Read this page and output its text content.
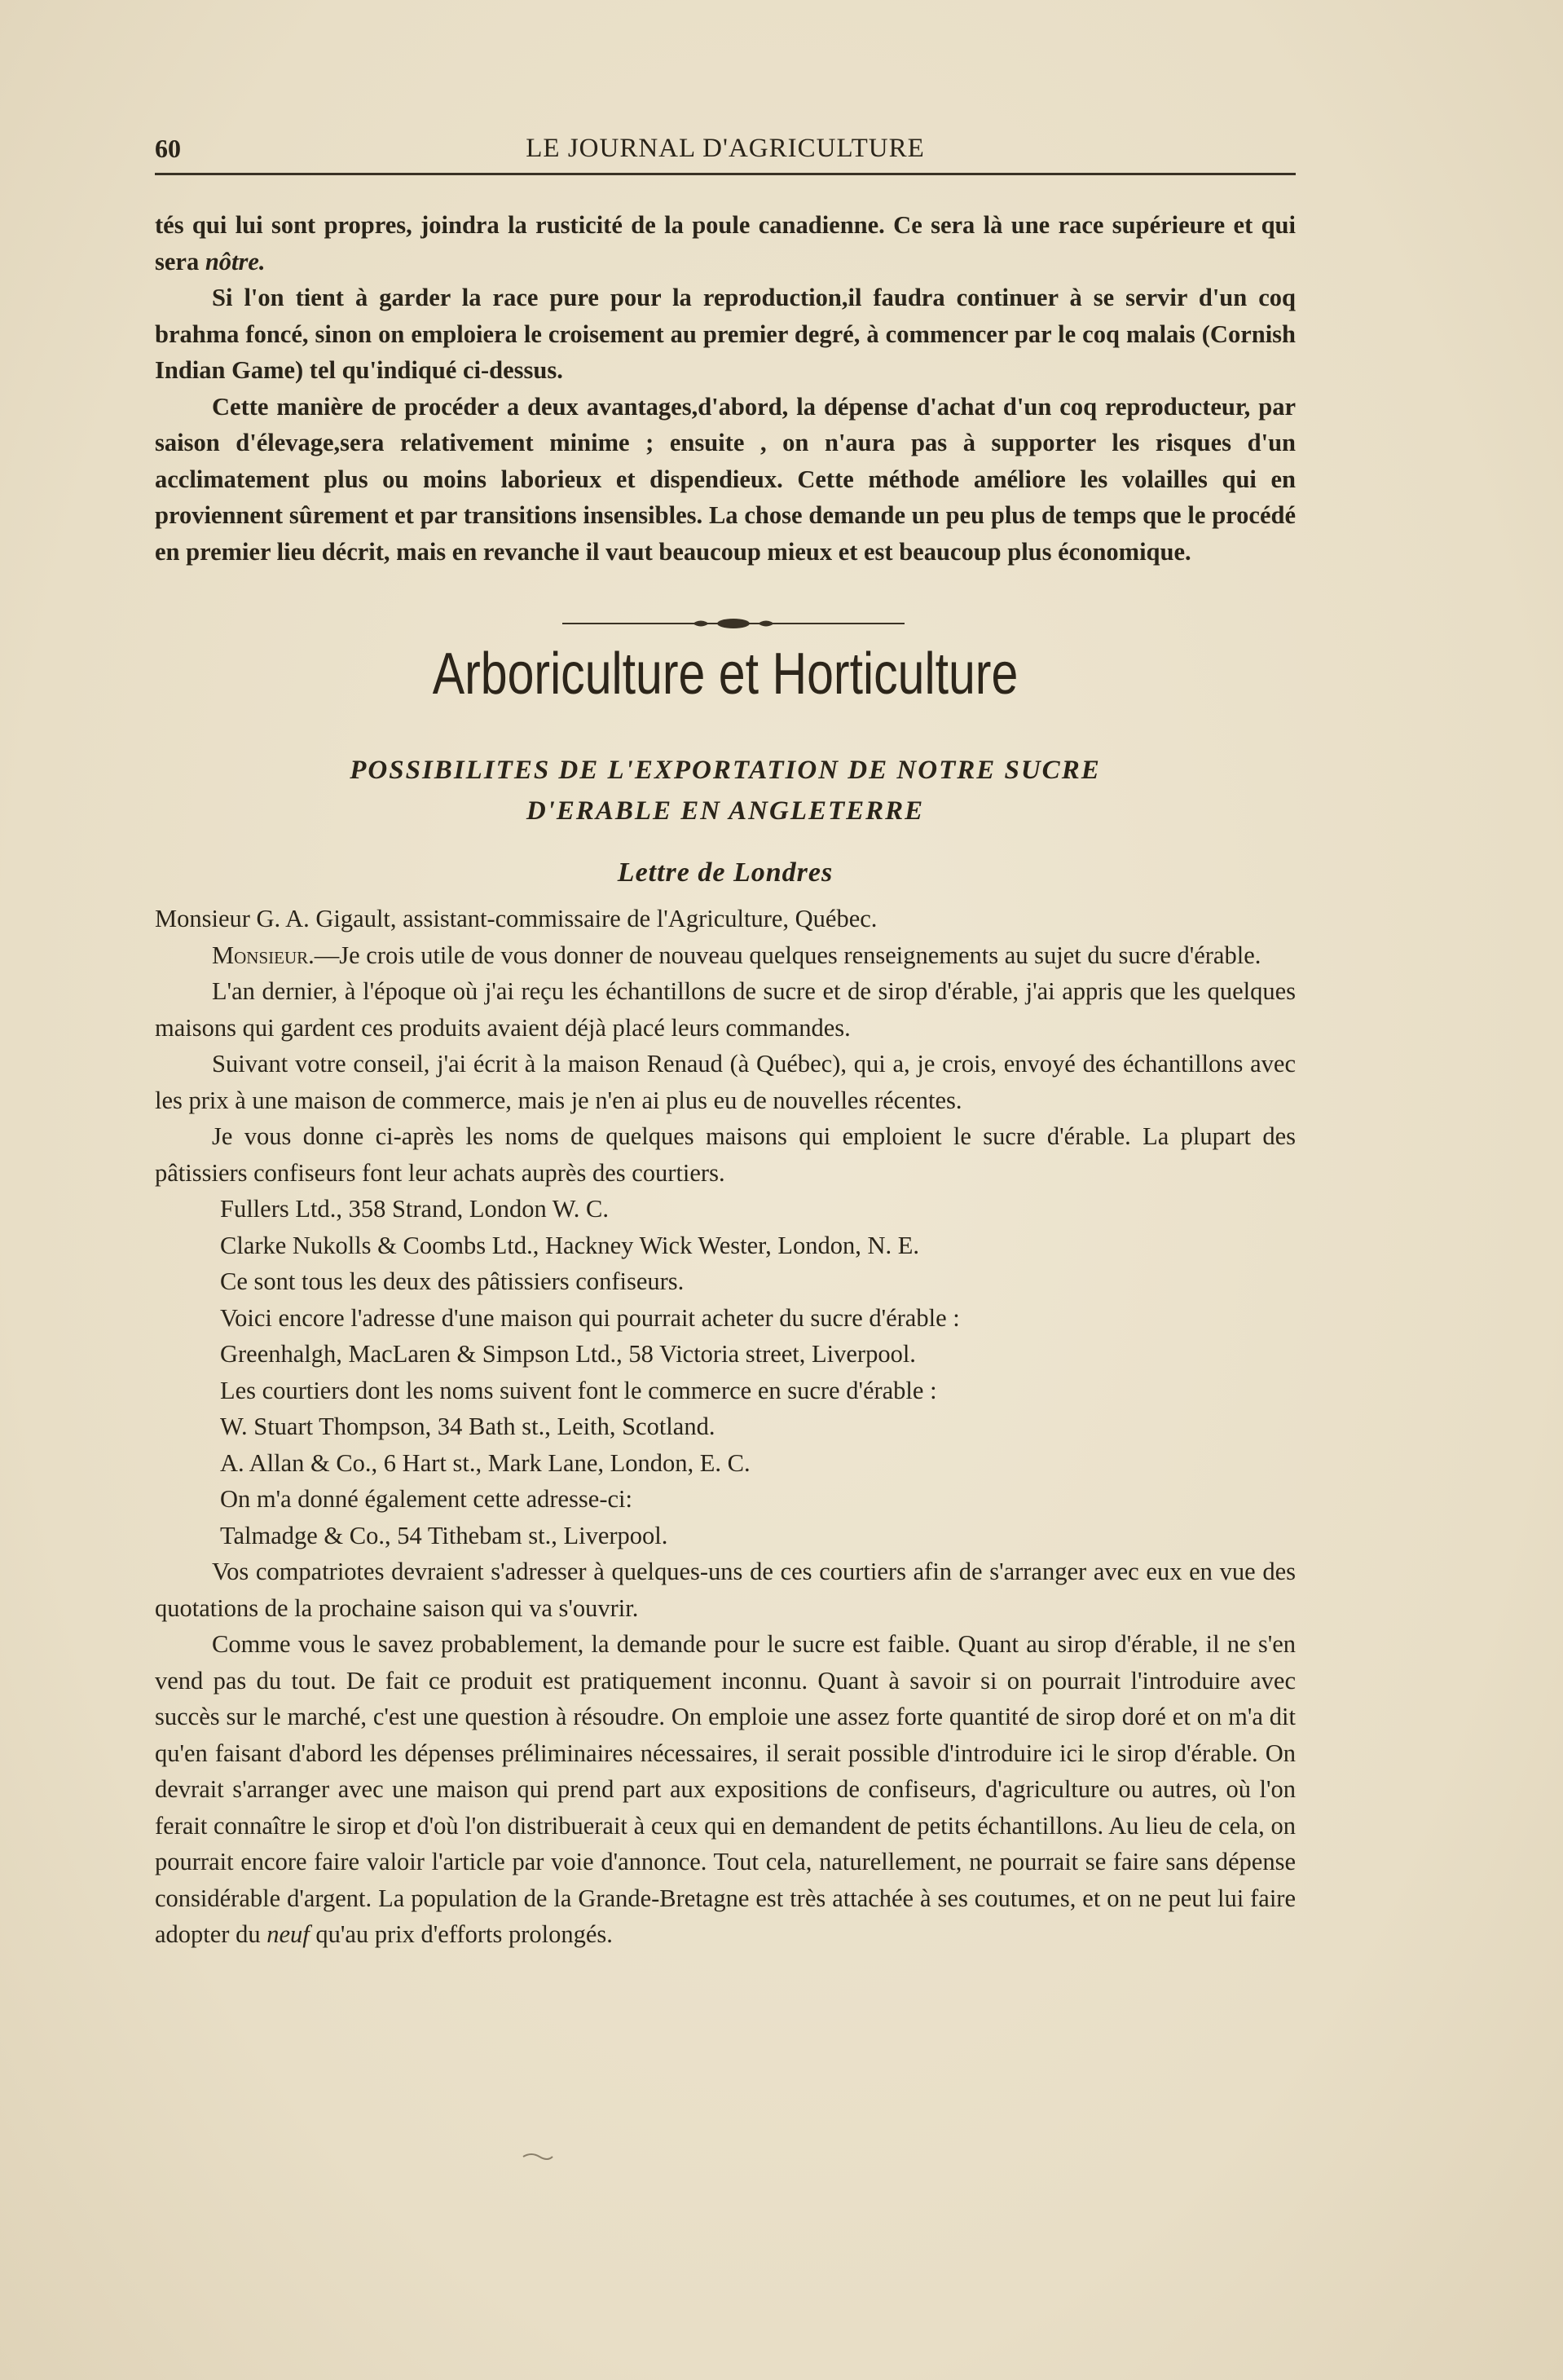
60	LE JOURNAL D'AGRICULTURE

tés qui lui sont propres, joindra la rusticité de la poule canadienne. Ce sera là une race supérieure et qui sera nôtre.

Si l'on tient à garder la race pure pour la reproduction,il faudra continuer à se servir d'un coq brahma foncé, sinon on emploiera le croisement au premier degré, à commencer par le coq malais (Cornish Indian Game) tel qu'indiqué ci-dessus.

Cette manière de procéder a deux avantages,d'abord, la dépense d'achat d'un coq reproducteur, par saison d'élevage,sera relativement minime ; ensuite , on n'aura pas à supporter les risques d'un acclimatement plus ou moins laborieux et dispendieux. Cette méthode améliore les volailles qui en proviennent sûrement et par transitions insensibles. La chose demande un peu plus de temps que le procédé en premier lieu décrit, mais en revanche il vaut beaucoup mieux et est beaucoup plus économique.

Arboriculture et Horticulture
POSSIBILITES DE L'EXPORTATION DE NOTRE SUCRE
D'ERABLE EN ANGLETERRE
Lettre de Londres

Monsieur G. A. Gigault, assistant-commissaire de l'Agriculture, Québec.

Monsieur.—Je crois utile de vous donner de nouveau quelques renseignements au sujet du sucre d'érable.

L'an dernier, à l'époque où j'ai reçu les échantillons de sucre et de sirop d'érable, j'ai appris que les quelques maisons qui gardent ces produits avaient déjà placé leurs commandes.

Suivant votre conseil, j'ai écrit à la maison Renaud (à Québec), qui a, je crois, envoyé des échantillons avec les prix à une maison de commerce, mais je n'en ai plus eu de nouvelles récentes.

Je vous donne ci-après les noms de quelques maisons qui emploient le sucre d'érable. La plupart des pâtissiers confiseurs font leur achats auprès des courtiers.

Fullers Ltd., 358 Strand, London W. C.

Clarke Nukolls & Coombs Ltd., Hackney Wick Wester, London, N. E.

Ce sont tous les deux des pâtissiers confiseurs.

Voici encore l'adresse d'une maison qui pourrait acheter du sucre d'érable :

Greenhalgh, MacLaren & Simpson Ltd., 58 Victoria street, Liverpool.

Les courtiers dont les noms suivent font le commerce en sucre d'érable :

W. Stuart Thompson, 34 Bath st., Leith, Scotland.

A. Allan & Co., 6 Hart st., Mark Lane, London, E. C.

On m'a donné également cette adresse-ci:

Talmadge & Co., 54 Tithebam st., Liverpool.

Vos compatriotes devraient s'adresser à quelques-uns de ces courtiers afin de s'arranger avec eux en vue des quotations de la prochaine saison qui va s'ouvrir.

Comme vous le savez probablement, la demande pour le sucre est faible. Quant au sirop d'érable, il ne s'en vend pas du tout. De fait ce produit est pratiquement inconnu. Quant à savoir si on pourrait l'introduire avec succès sur le marché, c'est une question à résoudre. On emploie une assez forte quantité de sirop doré et on m'a dit qu'en faisant d'abord les dépenses préliminaires nécessaires, il serait possible d'introduire ici le sirop d'érable. On devrait s'arranger avec une maison qui prend part aux expositions de confiseurs, d'agriculture ou autres, où l'on ferait connaître le sirop et d'où l'on distribuerait à ceux qui en demandent de petits échantillons. Au lieu de cela, on pourrait encore faire valoir l'article par voie d'annonce. Tout cela, naturellement, ne pourrait se faire sans dépense considérable d'argent. La population de la Grande-Bretagne est très attachée à ses coutumes, et on ne peut lui faire adopter du neuf qu'au prix d'efforts prolongés.
